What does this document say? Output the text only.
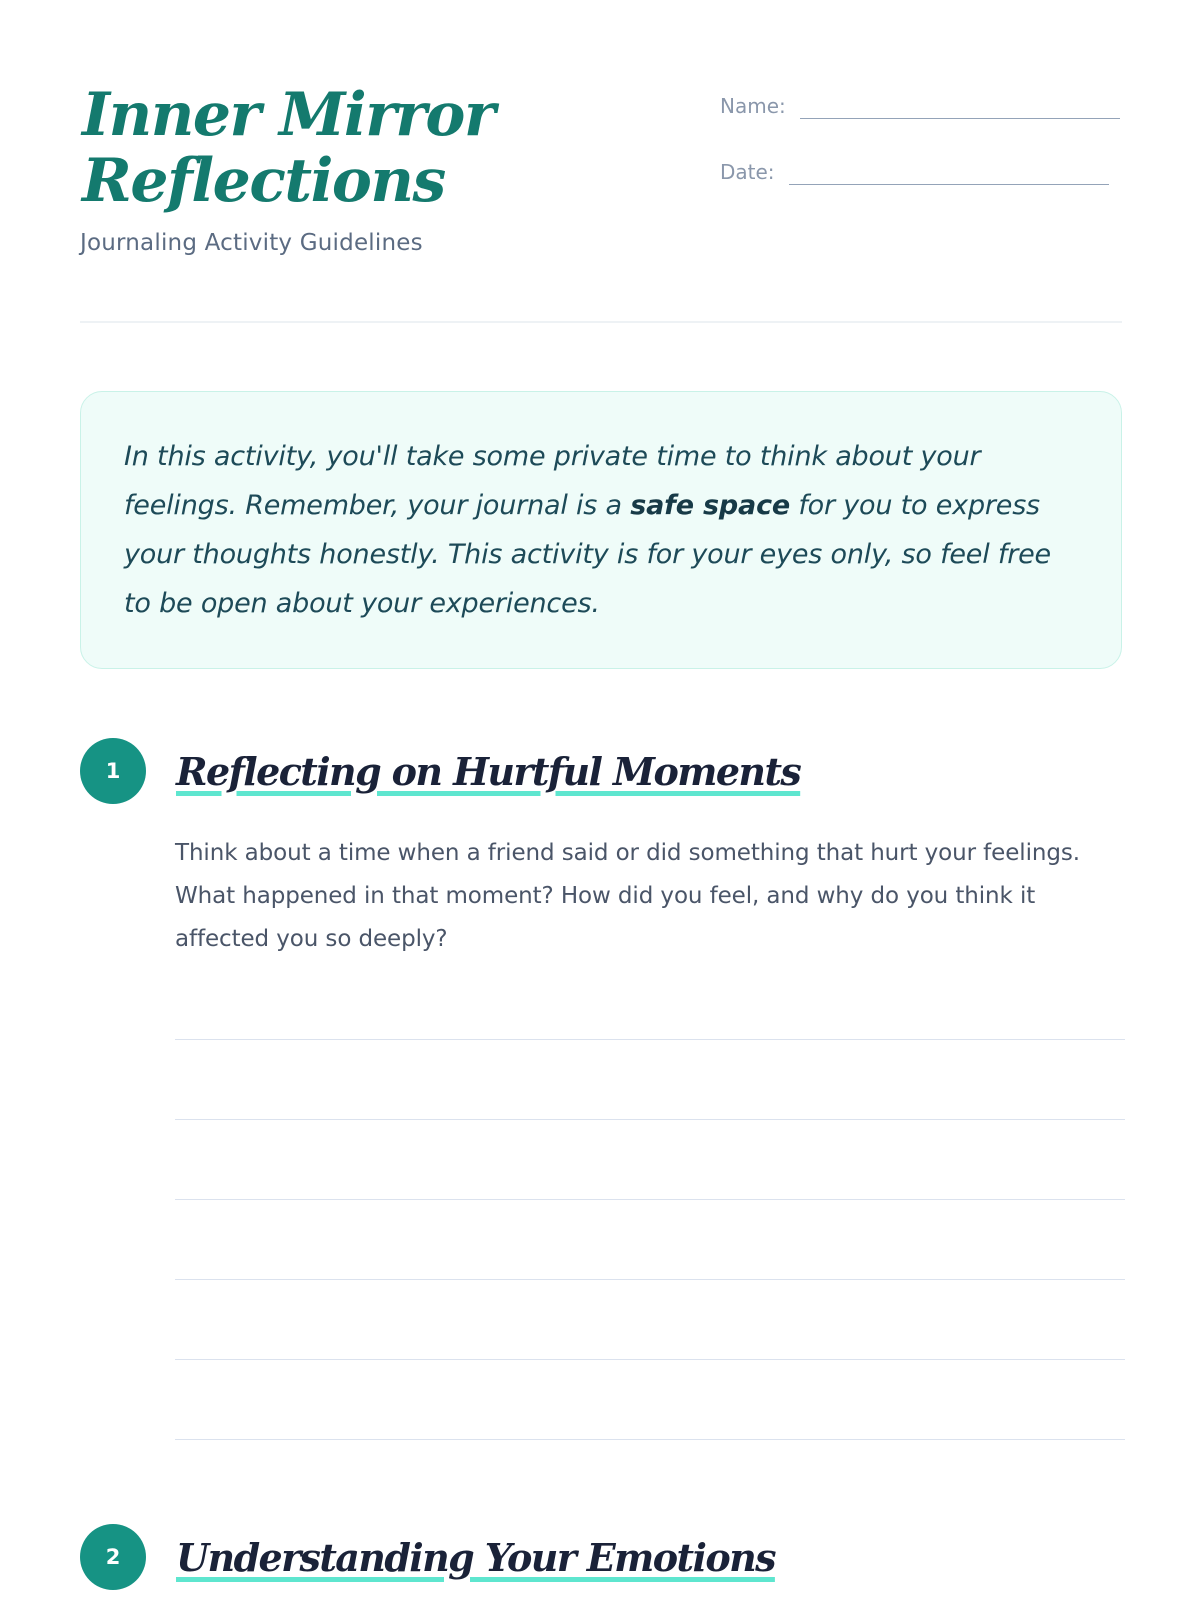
Inner Mirror Reflections
Journaling Activity Guidelines
Name:
Date:

In this activity, you'll take some private time to think about your feelings. Remember, your journal is a safe space for you to express your thoughts honestly. This activity is for your eyes only, so feel free to be open about your experiences.

1	Reflecting on Hurtful Moments

Think about a time when a friend said or did something that hurt your feelings. What happened in that moment? How did you feel, and why do you think it affected you so deeply?

2	Understanding Your Emotions
